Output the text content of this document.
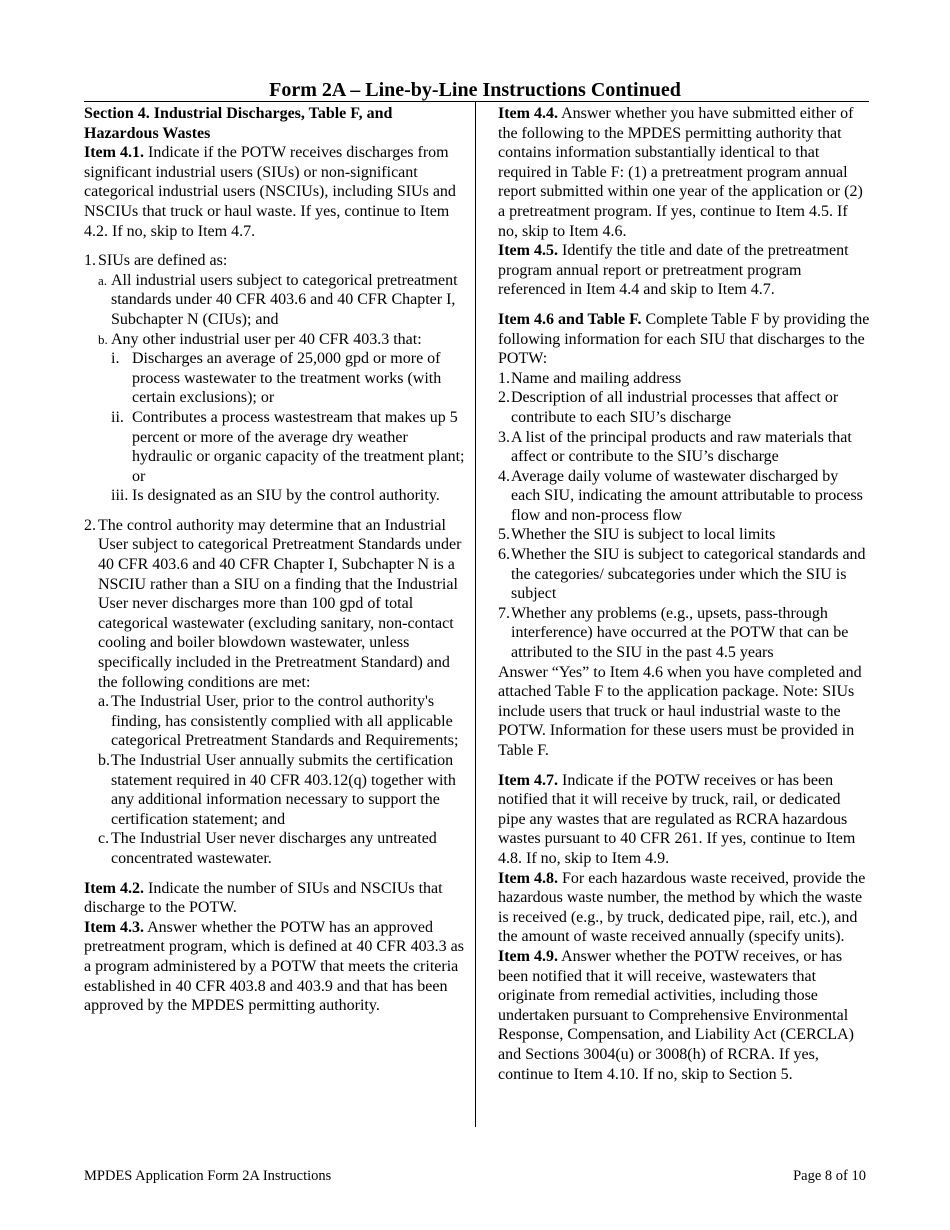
Form 2A – Line-by-Line Instructions Continued

Section 4. Industrial Discharges, Table F, and Hazardous Wastes

Item 4.1. Indicate if the POTW receives discharges from significant industrial users (SIUs) or non-significant categorical industrial users (NSCIUs), including SIUs and NSCIUs that truck or haul waste. If yes, continue to Item 4.2. If no, skip to Item 4.7.

1. SIUs are defined as:
a. All industrial users subject to categorical pretreatment standards under 40 CFR 403.6 and 40 CFR Chapter I, Subchapter N (CIUs); and
b. Any other industrial user per 40 CFR 403.3 that:
i. Discharges an average of 25,000 gpd or more of process wastewater to the treatment works (with certain exclusions); or
ii. Contributes a process wastestream that makes up 5 percent or more of the average dry weather hydraulic or organic capacity of the treatment plant; or
iii. Is designated as an SIU by the control authority.
2. The control authority may determine that an Industrial User subject to categorical Pretreatment Standards under 40 CFR 403.6 and 40 CFR Chapter I, Subchapter N is a NSCIU rather than a SIU on a finding that the Industrial User never discharges more than 100 gpd of total categorical wastewater (excluding sanitary, non-contact cooling and boiler blowdown wastewater, unless specifically included in the Pretreatment Standard) and the following conditions are met:
a. The Industrial User, prior to the control authority's finding, has consistently complied with all applicable categorical Pretreatment Standards and Requirements;
b. The Industrial User annually submits the certification statement required in 40 CFR 403.12(q) together with any additional information necessary to support the certification statement; and
c. The Industrial User never discharges any untreated concentrated wastewater.

Item 4.2. Indicate the number of SIUs and NSCIUs that discharge to the POTW.

Item 4.3. Answer whether the POTW has an approved pretreatment program, which is defined at 40 CFR 403.3 as a program administered by a POTW that meets the criteria established in 40 CFR 403.8 and 403.9 and that has been approved by the MPDES permitting authority.

Item 4.4. Answer whether you have submitted either of the following to the MPDES permitting authority that contains information substantially identical to that required in Table F: (1) a pretreatment program annual report submitted within one year of the application or (2) a pretreatment program. If yes, continue to Item 4.5. If no, skip to Item 4.6.

Item 4.5. Identify the title and date of the pretreatment program annual report or pretreatment program referenced in Item 4.4 and skip to Item 4.7.

Item 4.6 and Table F. Complete Table F by providing the following information for each SIU that discharges to the POTW:

1. Name and mailing address
2. Description of all industrial processes that affect or contribute to each SIU’s discharge
3. A list of the principal products and raw materials that affect or contribute to the SIU’s discharge
4. Average daily volume of wastewater discharged by each SIU, indicating the amount attributable to process flow and non-process flow
5. Whether the SIU is subject to local limits
6. Whether the SIU is subject to categorical standards and the categories/ subcategories under which the SIU is subject
7. Whether any problems (e.g., upsets, pass-through interference) have occurred at the POTW that can be attributed to the SIU in the past 4.5 years

Answer “Yes” to Item 4.6 when you have completed and attached Table F to the application package. Note: SIUs include users that truck or haul industrial waste to the POTW. Information for these users must be provided in Table F.

Item 4.7. Indicate if the POTW receives or has been notified that it will receive by truck, rail, or dedicated pipe any wastes that are regulated as RCRA hazardous wastes pursuant to 40 CFR 261. If yes, continue to Item 4.8. If no, skip to Item 4.9.

Item 4.8. For each hazardous waste received, provide the hazardous waste number, the method by which the waste is received (e.g., by truck, dedicated pipe, rail, etc.), and the amount of waste received annually (specify units).

Item 4.9. Answer whether the POTW receives, or has been notified that it will receive, wastewaters that originate from remedial activities, including those undertaken pursuant to Comprehensive Environmental Response, Compensation, and Liability Act (CERCLA) and Sections 3004(u) or 3008(h) of RCRA. If yes, continue to Item 4.10. If no, skip to Section 5.

MPDES Application Form 2A Instructions	Page 8 of 10
